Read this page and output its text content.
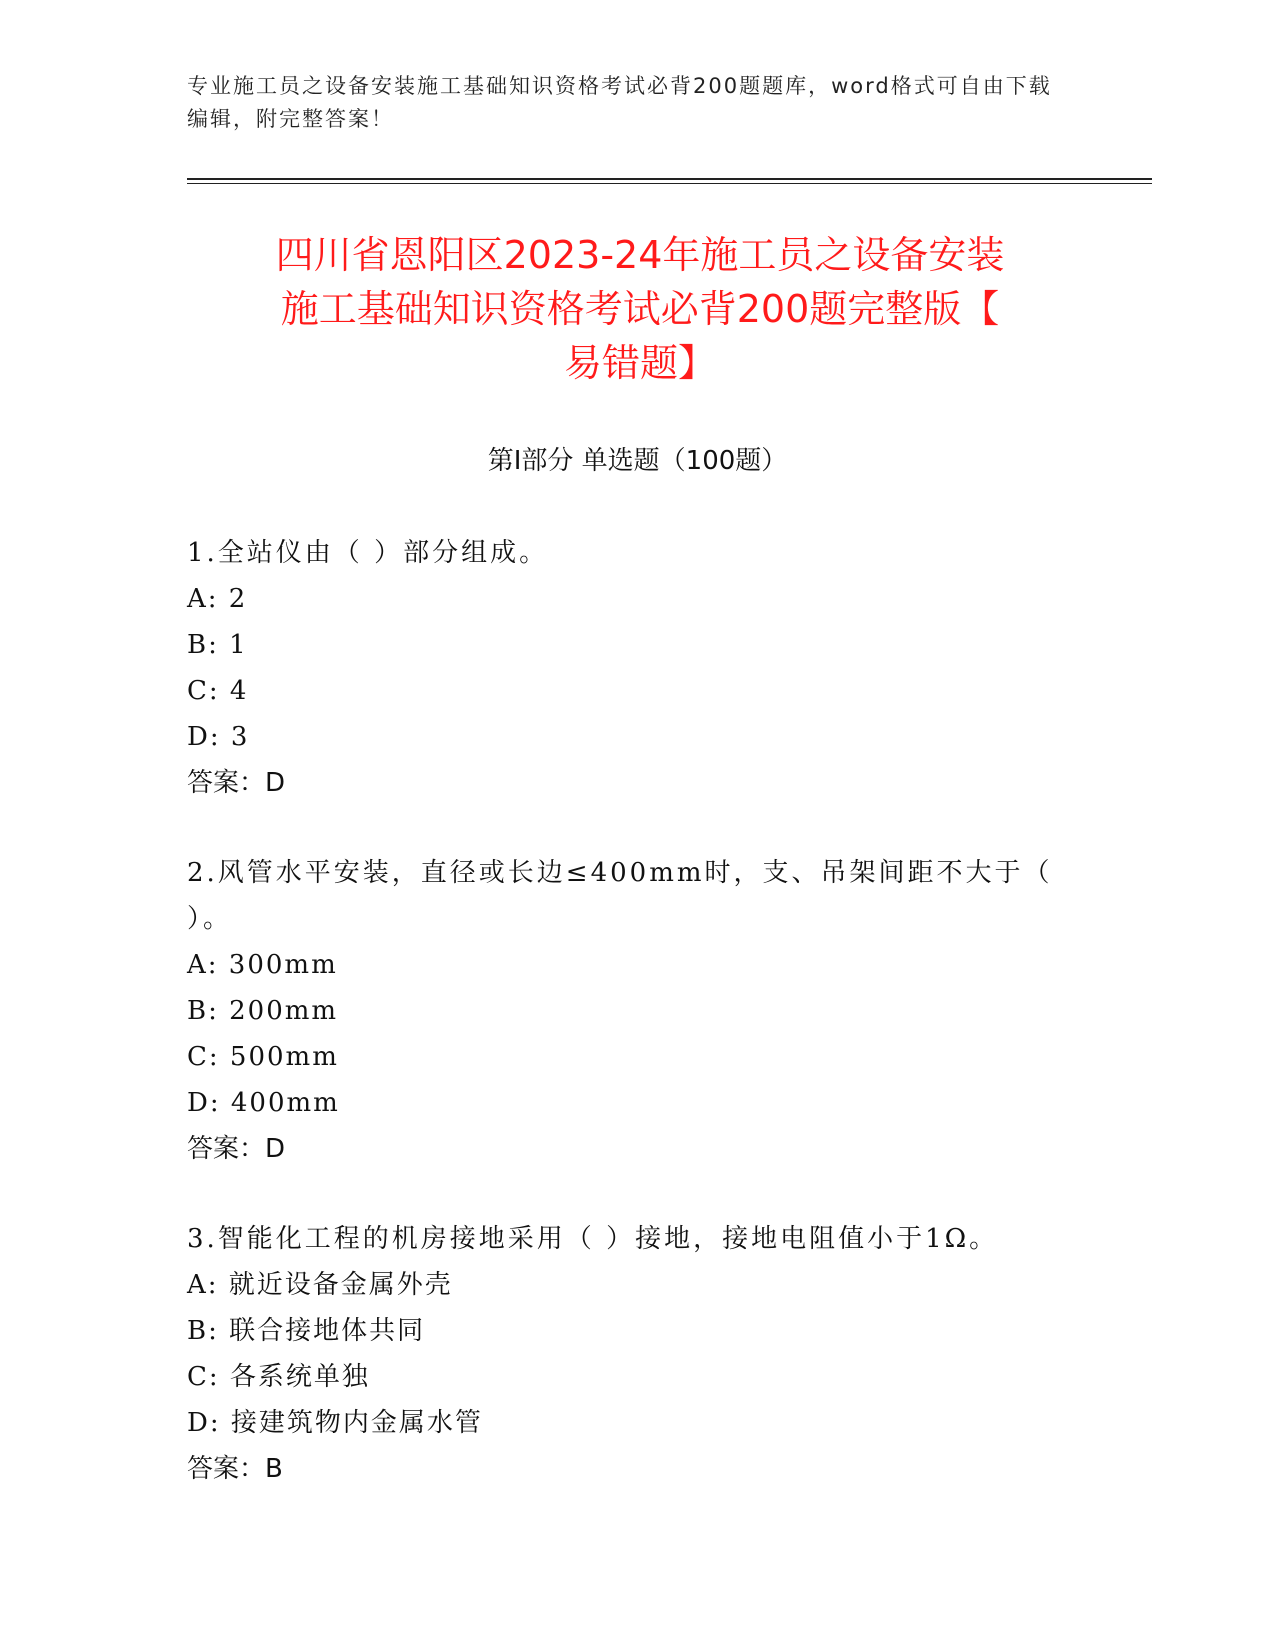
专业施工员之设备安装施工基础知识资格考试必背200题题库，word格式可自由下载编辑，附完整答案！
四川省恩阳区2023-24年施工员之设备安装
施工基础知识资格考试必背200题完整版【
易错题】
第Ⅰ部分 单选题（100题）
1.全站仪由（ ）部分组成。
A: 2
B: 1
C: 4
D: 3
答案：D
2.风管水平安装，直径或长边≤400mm时，支、吊架间距不大于（ ）。
A: 300mm
B: 200mm
C: 500mm
D: 400mm
答案：D
3.智能化工程的机房接地采用（ ）接地，接地电阻值小于1Ω。
A: 就近设备金属外壳
B: 联合接地体共同
C: 各系统单独
D: 接建筑物内金属水管
答案：B
